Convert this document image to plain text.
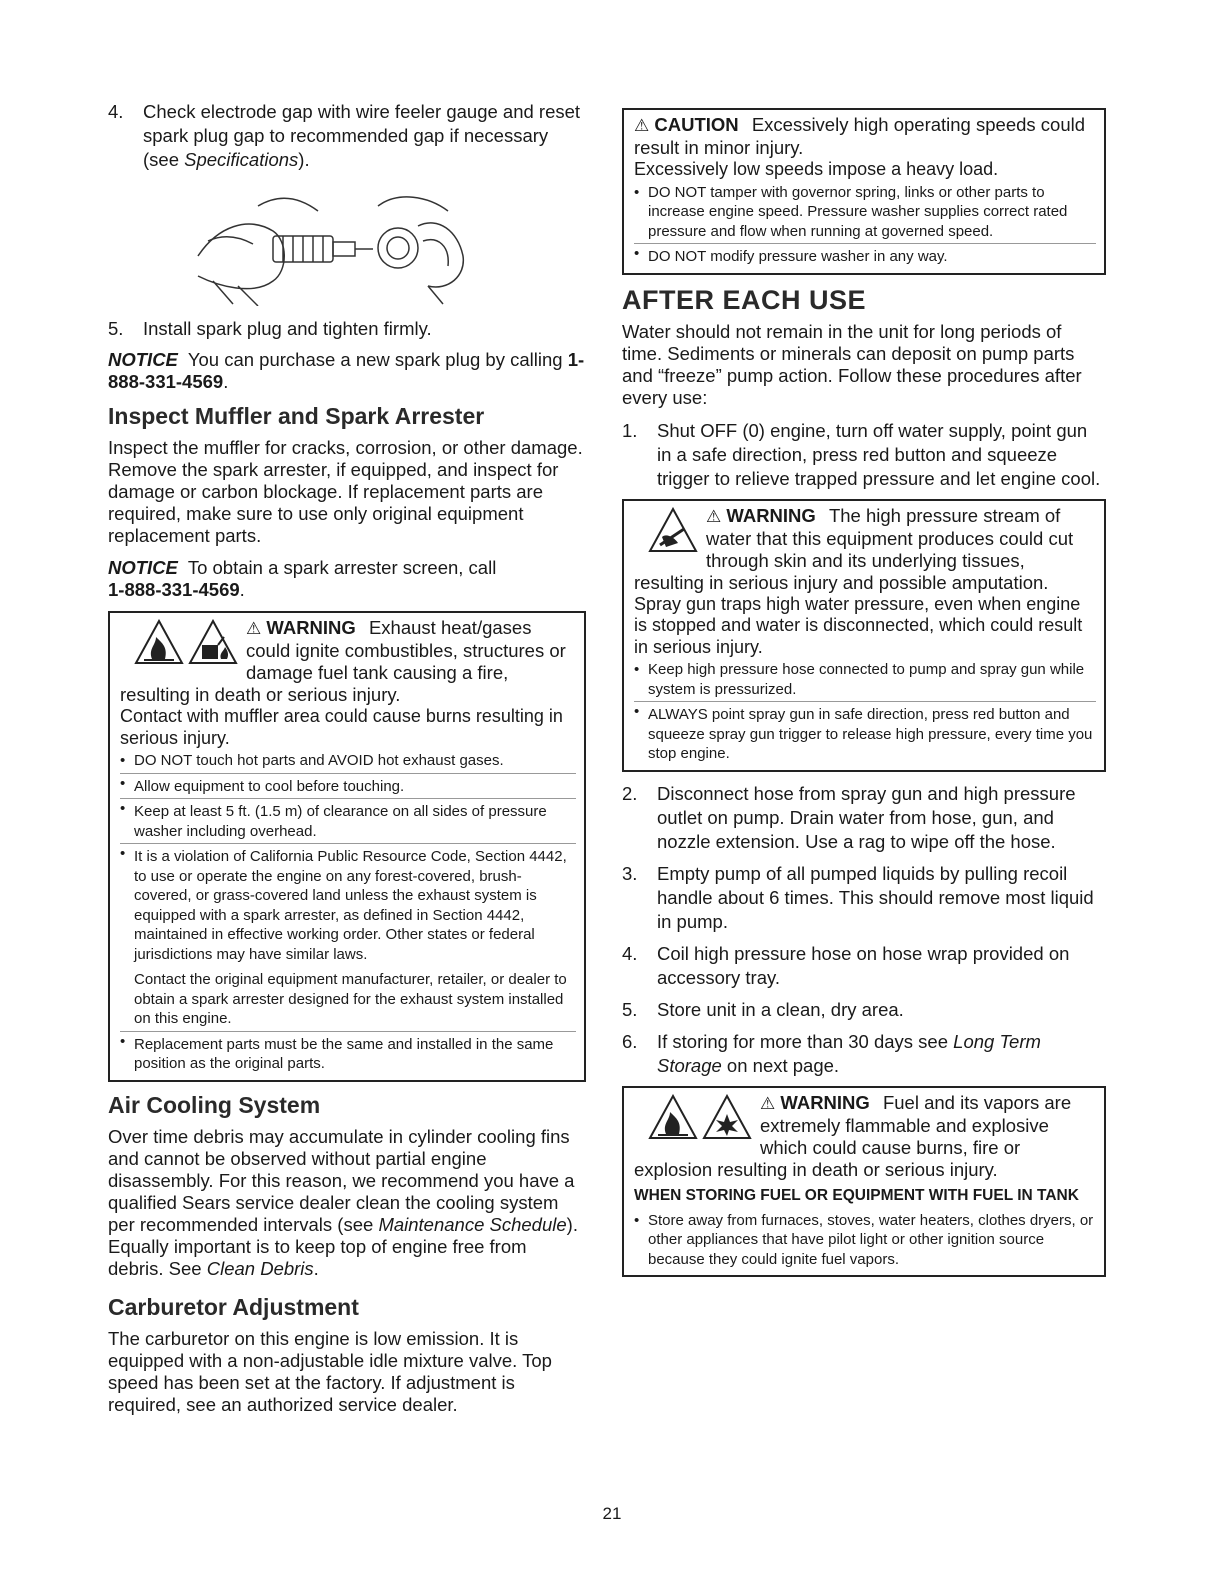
4.	Check electrode gap with wire feeler gauge and reset spark plug gap to recommended gap if necessary (see Specifications).
5.	Install spark plug and tighten firmly.

NOTICE You can purchase a new spark plug by calling 1-888-331-4569.

Inspect Muffler and Spark Arrester

Inspect the muffler for cracks, corrosion, or other damage. Remove the spark arrester, if equipped, and inspect for damage or carbon blockage. If replacement parts are required, make sure to use only original equipment replacement parts.

NOTICE To obtain a spark arrester screen, call
1-888-331-4569.

⚠ WARNING Exhaust heat/gases could ignite combustibles, structures or damage fuel tank causing a fire, resulting in death or serious injury.
Contact with muffler area could cause burns resulting in serious injury.
• DO NOT touch hot parts and AVOID hot exhaust gases.
• Allow equipment to cool before touching.
• Keep at least 5 ft. (1.5 m) of clearance on all sides of pressure washer including overhead.
• It is a violation of California Public Resource Code, Section 4442, to use or operate the engine on any forest-covered, brush-covered, or grass-covered land unless the exhaust system is equipped with a spark arrester, as defined in Section 4442, maintained in effective working order. Other states or federal jurisdictions may have similar laws.
Contact the original equipment manufacturer, retailer, or dealer to obtain a spark arrester designed for the exhaust system installed on this engine.
• Replacement parts must be the same and installed in the same position as the original parts.
Air Cooling System

Over time debris may accumulate in cylinder cooling fins and cannot be observed without partial engine disassembly. For this reason, we recommend you have a qualified Sears service dealer clean the cooling system per recommended intervals (see Maintenance Schedule). Equally important is to keep top of engine free from debris. See Clean Debris.

Carburetor Adjustment

The carburetor on this engine is low emission. It is equipped with a non-adjustable idle mixture valve. Top speed has been set at the factory. If adjustment is required, see an authorized service dealer.

⚠ CAUTION Excessively high operating speeds could result in minor injury.
Excessively low speeds impose a heavy load.
• DO NOT tamper with governor spring, links or other parts to increase engine speed. Pressure washer supplies correct rated pressure and flow when running at governed speed.
• DO NOT modify pressure washer in any way.
AFTER EACH USE

Water should not remain in the unit for long periods of time. Sediments or minerals can deposit on pump parts and “freeze” pump action. Follow these procedures after every use:

1.	Shut OFF (0) engine, turn off water supply, point gun in a safe direction, press red button and squeeze trigger to relieve trapped pressure and let engine cool.
⚠ WARNING The high pressure stream of water that this equipment produces could cut through skin and its underlying tissues, resulting in serious injury and possible amputation.
Spray gun traps high water pressure, even when engine is stopped and water is disconnected, which could result in serious injury.
• Keep high pressure hose connected to pump and spray gun while system is pressurized.
• ALWAYS point spray gun in safe direction, press red button and squeeze spray gun trigger to release high pressure, every time you stop engine.
2.	Disconnect hose from spray gun and high pressure outlet on pump. Drain water from hose, gun, and nozzle extension. Use a rag to wipe off the hose.
3.	Empty pump of all pumped liquids by pulling recoil handle about 6 times. This should remove most liquid in pump.
4.	Coil high pressure hose on hose wrap provided on accessory tray.
5.	Store unit in a clean, dry area.
6.	If storing for more than 30 days see Long Term Storage on next page.
⚠ WARNING Fuel and its vapors are extremely flammable and explosive which could cause burns, fire or explosion resulting in death or serious injury.
WHEN STORING FUEL OR EQUIPMENT WITH FUEL IN TANK
• Store away from furnaces, stoves, water heaters, clothes dryers, or other appliances that have pilot light or other ignition source because they could ignite fuel vapors.
21
